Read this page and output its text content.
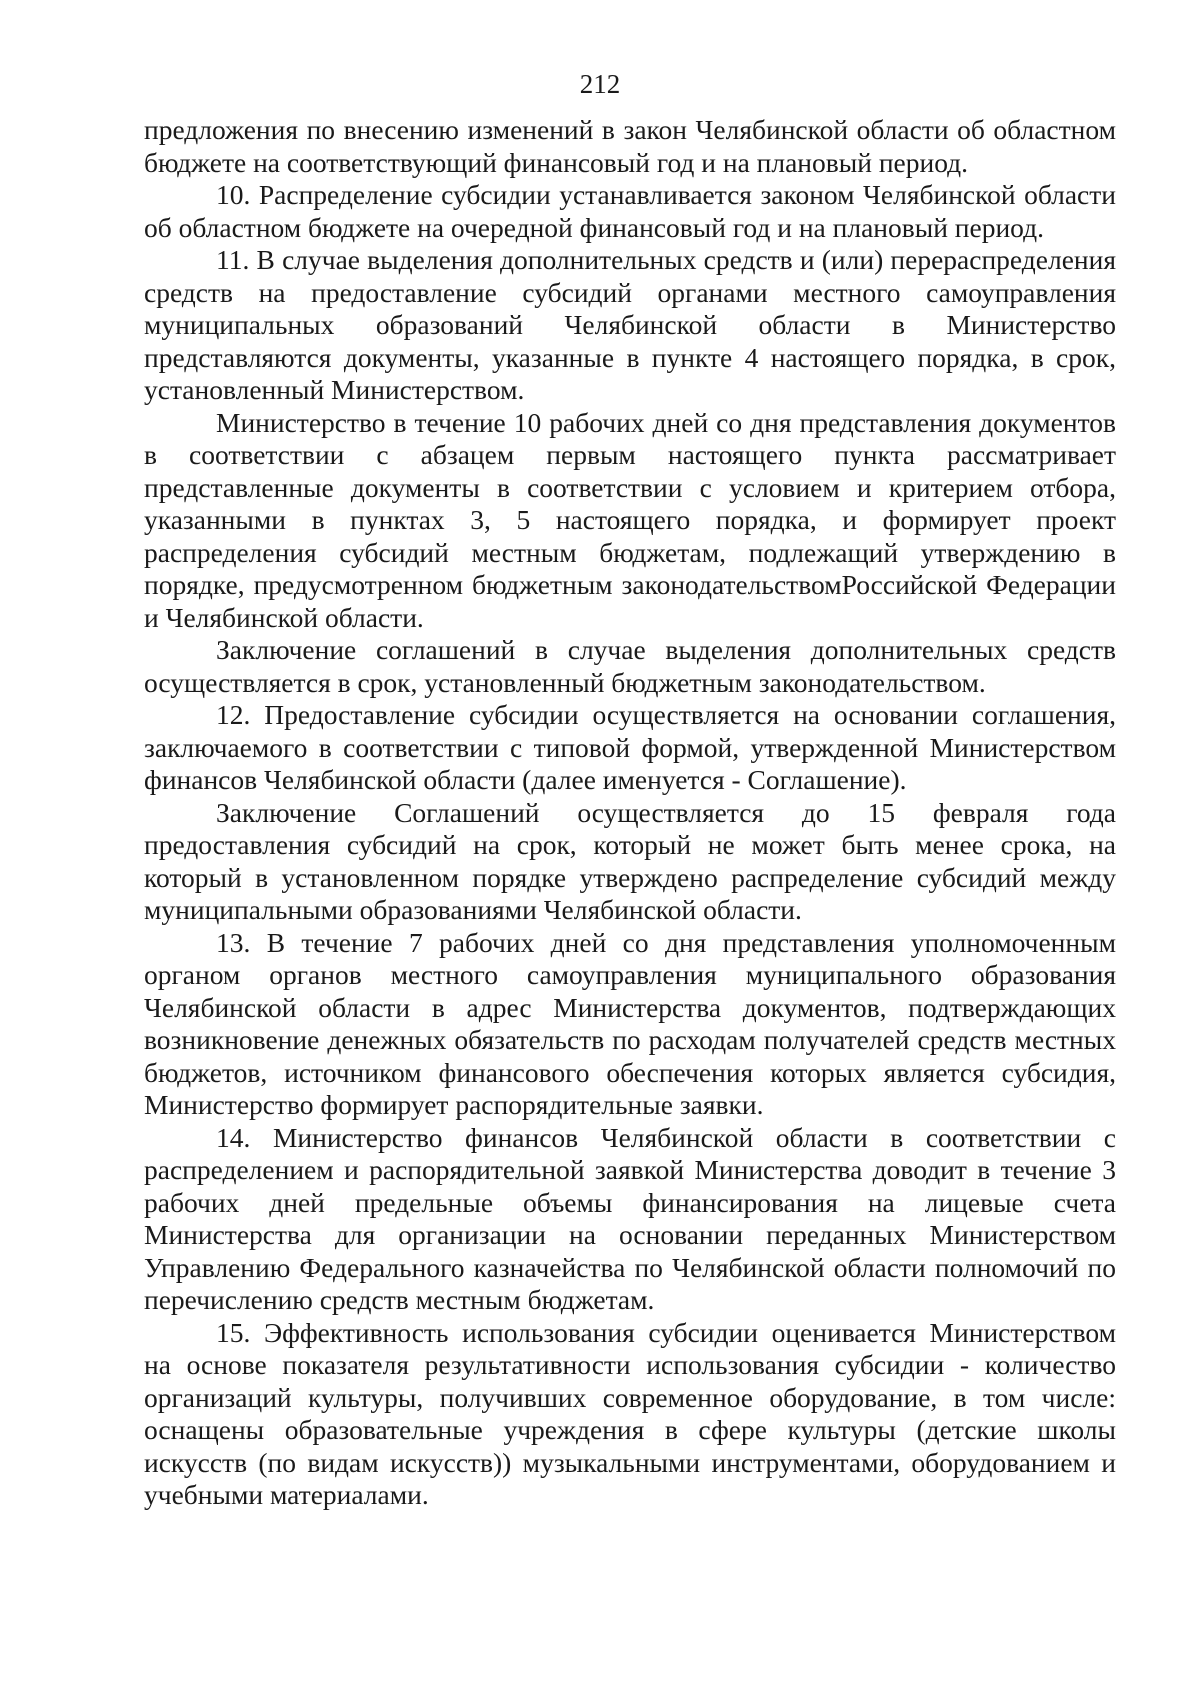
212

предложения по внесению изменений в закон Челябинской области об областном бюджете на соответствующий финансовый год и на плановый период.

10. Распределение субсидии устанавливается законом Челябинской области об областном бюджете на очередной финансовый год и на плановый период.

11. В случае выделения дополнительных средств и (или) перераспределения средств на предоставление субсидий органами местного самоуправления муниципальных образований Челябинской области в Министерство представляются документы, указанные в пункте 4 настоящего порядка, в срок, установленный Министерством.

Министерство в течение 10 рабочих дней со дня представления документов в соответствии с абзацем первым настоящего пункта рассматривает представленные документы в соответствии с условием и критерием отбора, указанными в пунктах 3, 5 настоящего порядка, и формирует проект распределения субсидий местным бюджетам, подлежащий утверждению в порядке, предусмотренном бюджетным законодательствомРоссийской Федерации и Челябинской области.

Заключение соглашений в случае выделения дополнительных средств осуществляется в срок, установленный бюджетным законодательством.

12. Предоставление субсидии осуществляется на основании соглашения, заключаемого в соответствии с типовой формой, утвержденной Министерством финансов Челябинской области (далее именуется - Соглашение).

Заключение Соглашений осуществляется до 15 февраля года предоставления субсидий на срок, который не может быть менее срока, на который в установленном порядке утверждено распределение субсидий между муниципальными образованиями Челябинской области.

13. В течение 7 рабочих дней со дня представления уполномоченным органом органов местного самоуправления муниципального образования Челябинской области в адрес Министерства документов, подтверждающих возникновение денежных обязательств по расходам получателей средств местных бюджетов, источником финансового обеспечения которых является субсидия, Министерство формирует распорядительные заявки.

14. Министерство финансов Челябинской области в соответствии с распределением и распорядительной заявкой Министерства доводит в течение 3 рабочих дней предельные объемы финансирования на лицевые счета Министерства для организации на основании переданных Министерством Управлению Федерального казначейства по Челябинской области полномочий по перечислению средств местным бюджетам.

15. Эффективность использования субсидии оценивается Министерством на основе показателя результативности использования субсидии - количество организаций культуры, получивших современное оборудование, в том числе: оснащены образовательные учреждения в сфере культуры (детские школы искусств (по видам искусств)) музыкальными инструментами, оборудованием и учебными материалами.
